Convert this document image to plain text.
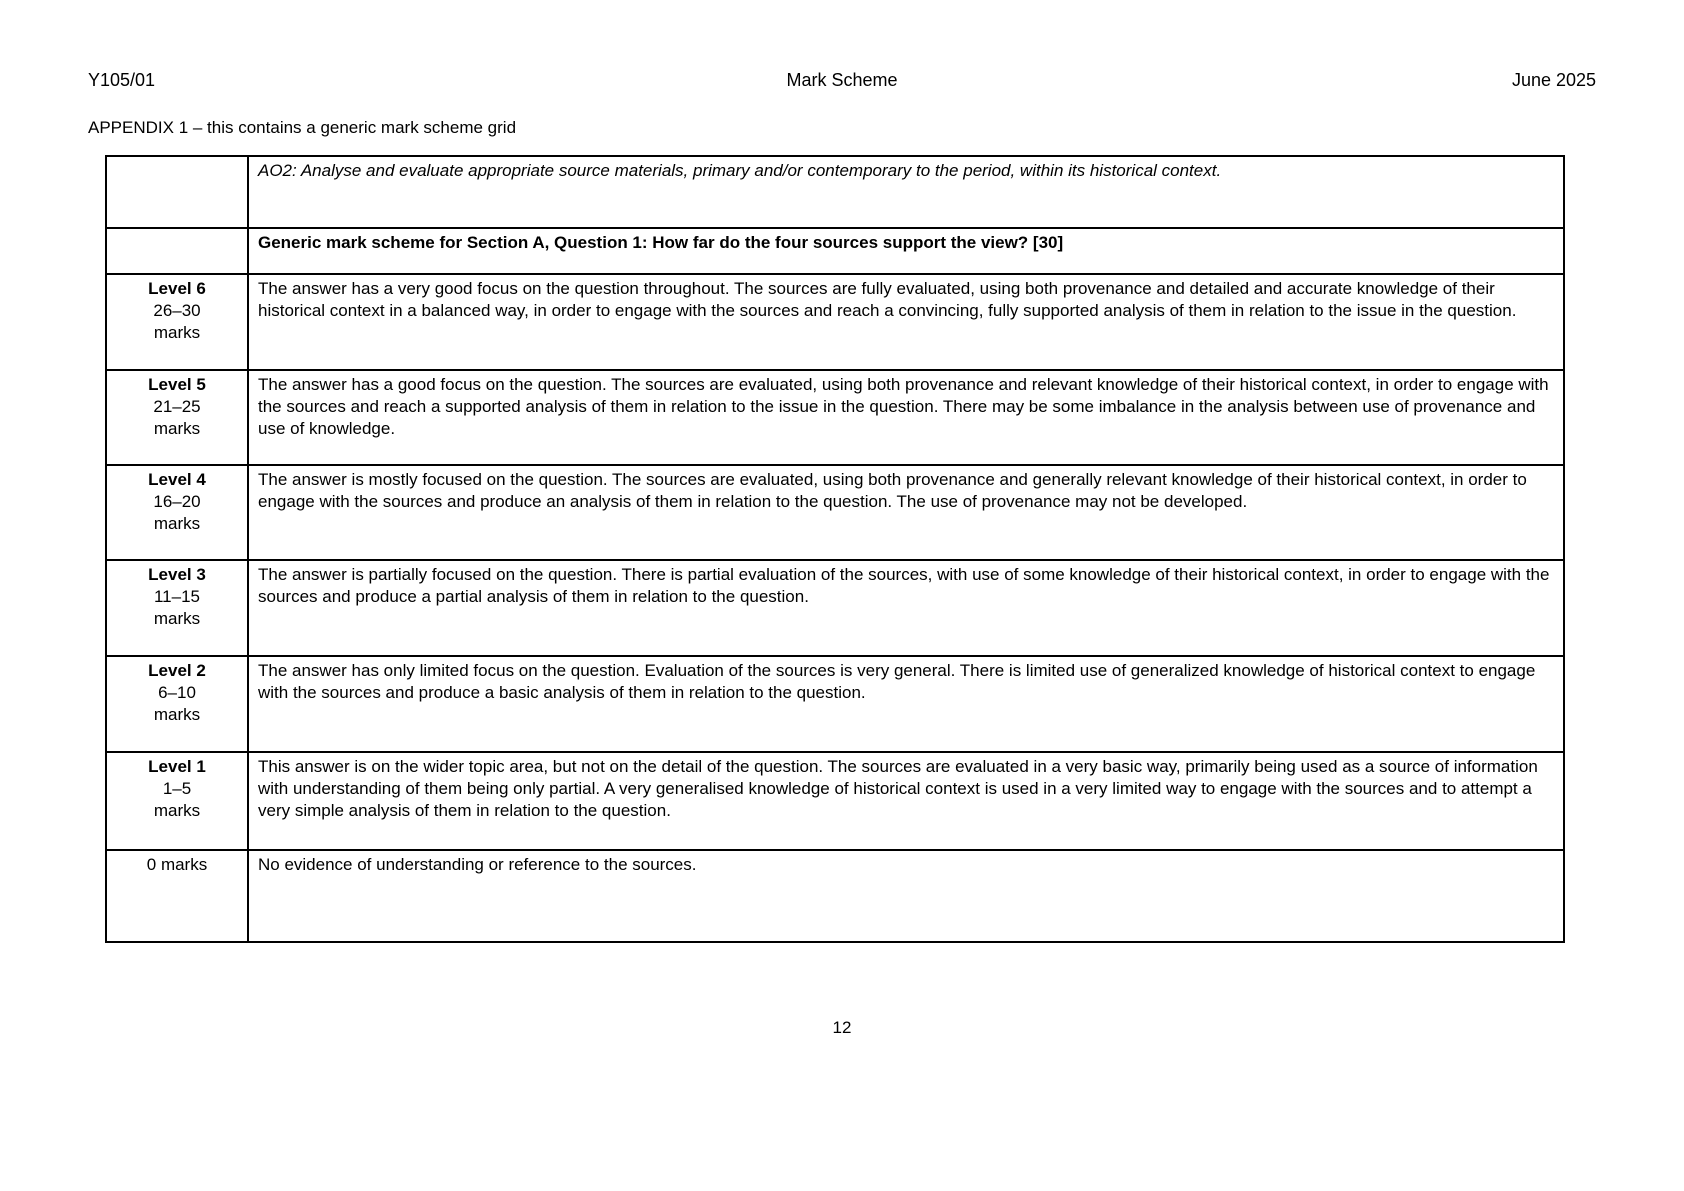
Y105/01	Mark Scheme	June 2025
APPENDIX 1 – this contains a generic mark scheme grid
	AO2: Analyse and evaluate appropriate source materials, primary and/or contemporary to the period, within its historical context.
	Generic mark scheme for Section A, Question 1: How far do the four sources support the view? [30]

Level 6
26–30
marks
	The answer has a very good focus on the question throughout. The sources are fully evaluated, using both provenance and detailed and accurate knowledge of their historical context in a balanced way, in order to engage with the sources and reach a convincing, fully supported analysis of them in relation to the issue in the question.

Level 5
21–25
marks
	The answer has a good focus on the question. The sources are evaluated, using both provenance and relevant knowledge of their historical context, in order to engage with the sources and reach a supported analysis of them in relation to the issue in the question. There may be some imbalance in the analysis between use of provenance and use of knowledge.

Level 4
16–20
marks
	The answer is mostly focused on the question. The sources are evaluated, using both provenance and generally relevant knowledge of their historical context, in order to engage with the sources and produce an analysis of them in relation to the question. The use of provenance may not be developed.

Level 3
11–15
marks
	The answer is partially focused on the question. There is partial evaluation of the sources, with use of some knowledge of their historical context, in order to engage with the sources and produce a partial analysis of them in relation to the question.

Level 2
6–10
marks
	The answer has only limited focus on the question. Evaluation of the sources is very general. There is limited use of generalized knowledge of historical context to engage with the sources and produce a basic analysis of them in relation to the question.

Level 1
1–5
marks
	This answer is on the wider topic area, but not on the detail of the question. The sources are evaluated in a very basic way, primarily being used as a source of information with understanding of them being only partial. A very generalised knowledge of historical context is used in a very limited way to engage with the sources and to attempt a very simple analysis of them in relation to the question.

0 marks	No evidence of understanding or reference to the sources.
12
